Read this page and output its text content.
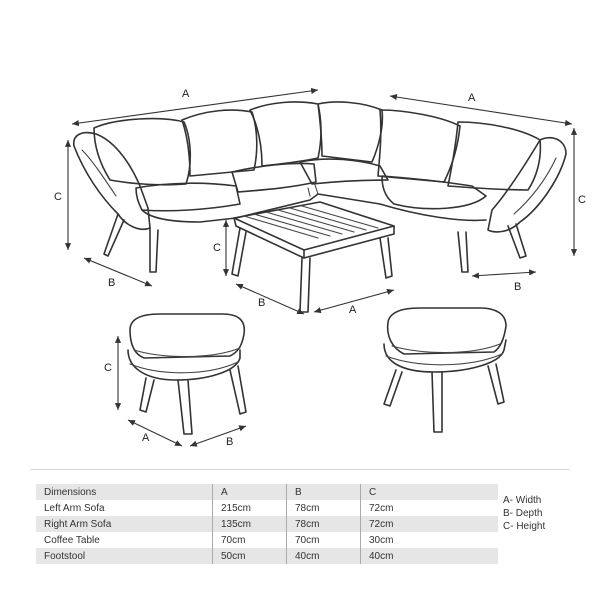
A	A
C	C
B	B
C
B
A
C
A	B
Dimensions	A	B	C
Left Arm Sofa	215cm	78cm	72cm
Right Arm Sofa	135cm	78cm	72cm
Coffee Table	70cm	70cm	30cm
Footstool	50cm	40cm	40cm
A- Width
B- Depth
C- Height
